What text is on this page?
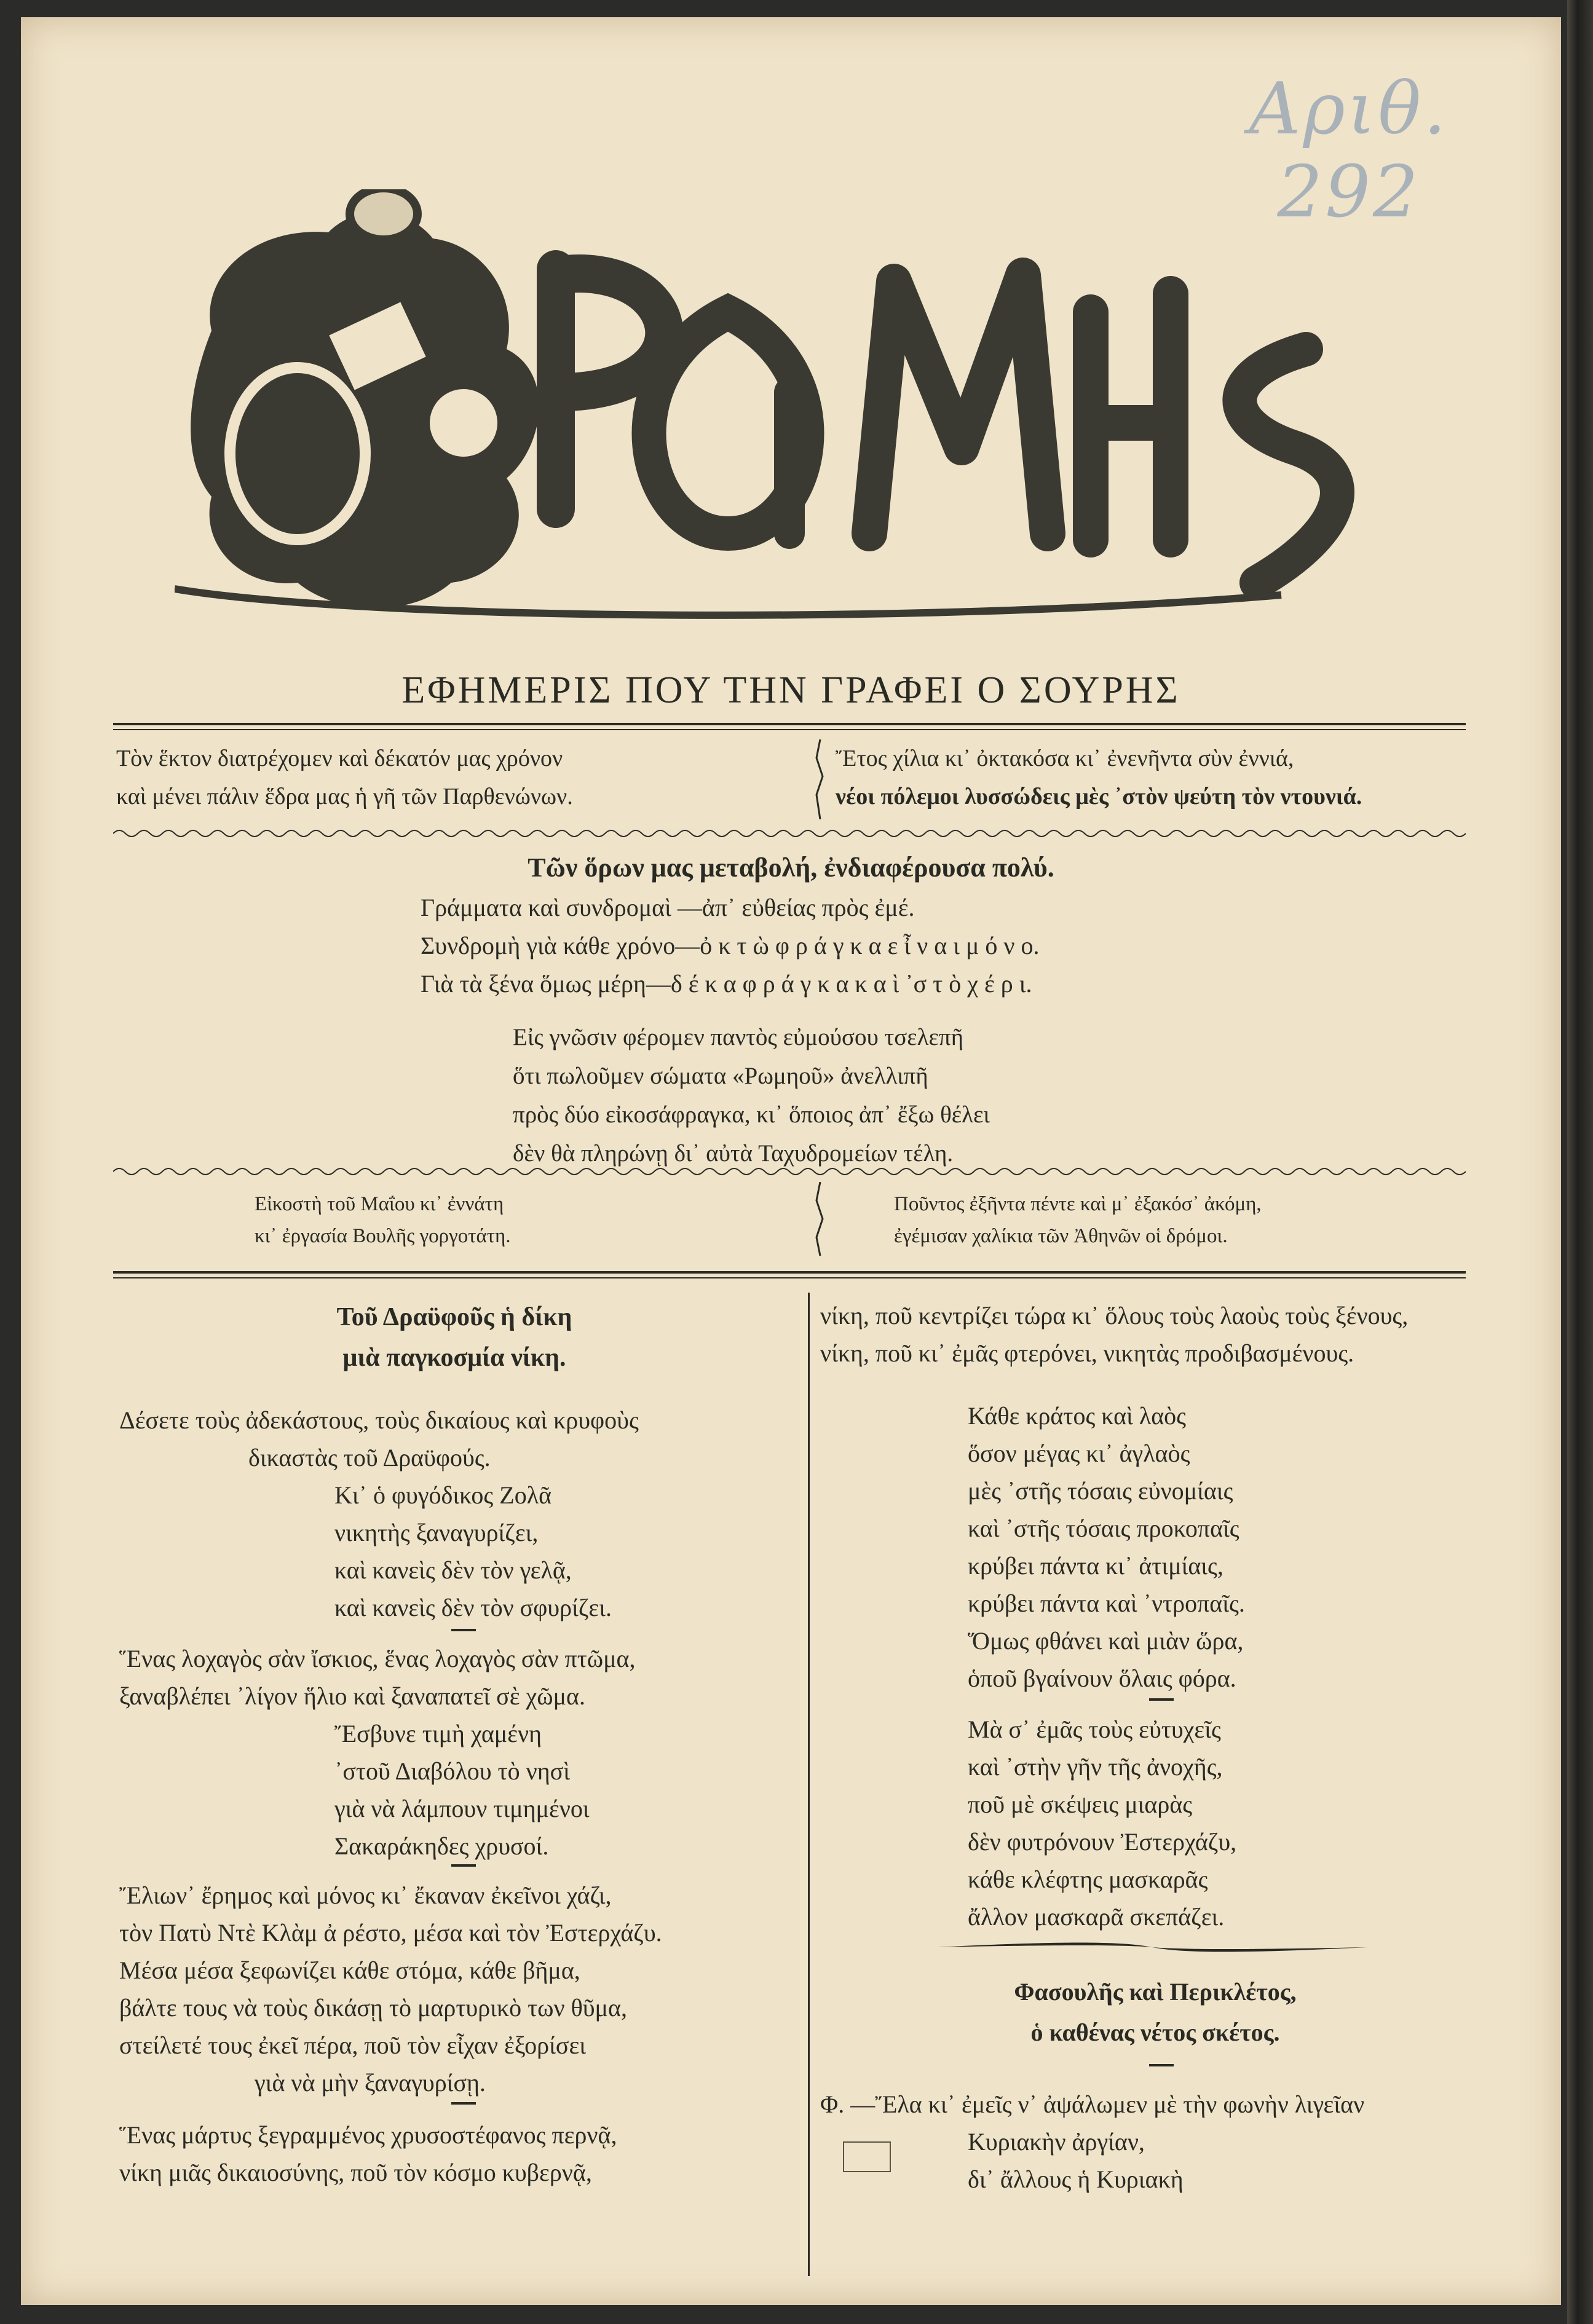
Αριθ. 292
ΕΦΗΜΕΡΙΣ ΠΟΥ ΤΗΝ ΓΡΑΦΕΙ Ο ΣΟΥΡΗΣ
Τὸν ἕκτον διατρέχομεν καὶ δέκατόν μας χρόνον
καὶ μένει πάλιν ἕδρα μας ἡ γῆ τῶν Παρθενώνων.
Ἔτος χίλια κι᾽ ὀκτακόσα κι᾽ ἐνενῆντα σὺν ἐννιά,
νέοι πόλεμοι λυσσώδεις μὲς ᾿στὸν ψεύτη τὸν ντουνιά.
Τῶν ὅρων μας μεταβολή, ἐνδιαφέρουσα πολύ.
Γράμματα καὶ συνδρομαὶ —ἀπ᾽ εὐθείας πρὸς ἐμέ.
Συνδρομὴ γιὰ κάθε χρόνο—ὀ κ τ ὼ φ ρ ά γ κ α ε ἶ ν α ι μ ό ν ο.
Γιὰ τὰ ξένα ὅμως μέρη—δ έ κ α φ ρ ά γ κ α κ α ὶ ᾿σ τ ὸ χ έ ρ ι.
Εἰς γνῶσιν φέρομεν παντὸς εὐμούσου τσελεπῆ
ὅτι πωλοῦμεν σώματα «Ρωμηοῦ» ἀνελλιπῆ
πρὸς δύο εἰκοσάφραγκα, κι᾽ ὅποιος ἀπ᾽ ἔξω θέλει
δὲν θὰ πληρώνῃ δι᾽ αὐτὰ Ταχυδρομείων τέλη.
Εἰκοστὴ τοῦ Μαΐου κι᾽ ἐννάτη
κι᾽ ἐργασία Βουλῆς γοργοτάτη.
Ποῦντος ἐξῆντα πέντε καὶ μ᾽ ἐξακόσ᾽ ἀκόμη,
ἐγέμισαν χαλίκια τῶν Ἀθηνῶν οἱ δρόμοι.
Τοῦ Δραϋφοῦς ἡ δίκη
μιὰ παγκοσμία νίκη.
Δέσετε τοὺς ἀδεκάστους, τοὺς δικαίους καὶ κρυφοὺς
δικαστὰς τοῦ Δραϋφούς.
Κι᾽ ὁ φυγόδικος Ζολᾶ
νικητὴς ξαναγυρίζει,
καὶ κανεὶς δὲν τὸν γελᾷ,
καὶ κανεὶς δὲν τὸν σφυρίζει.
Ἕνας λοχαγὸς σὰν ἴσκιος, ἕνας λοχαγὸς σὰν πτῶμα,
ξαναβλέπει ᾿λίγον ἥλιο καὶ ξαναπατεῖ σὲ χῶμα.
Ἔσβυνε τιμὴ χαμένη
᾿στοῦ Διαβόλου τὸ νησὶ
γιὰ νὰ λάμπουν τιμημένοι
Σακαράκηδες χρυσοί.
Ἔλιων᾽ ἔρημος καὶ μόνος κι᾽ ἔκαναν ἐκεῖνοι χάζι,
τὸν Πατὺ Ντὲ Κλὰμ ἀ ρέστο, μέσα καὶ τὸν Ἐστερχάζυ.
Μέσα μέσα ξεφωνίζει κάθε στόμα, κάθε βῆμα,
βάλτε τους νὰ τοὺς δικάσῃ τὸ μαρτυρικὸ των θῦμα,
στείλετέ τους ἐκεῖ πέρα, ποῦ τὸν εἶχαν ἐξορίσει
γιὰ νὰ μὴν ξαναγυρίσῃ.
Ἕνας μάρτυς ξεγραμμένος χρυσοστέφανος περνᾷ,
νίκη μιᾶς δικαιοσύνης, ποῦ τὸν κόσμο κυβερνᾷ,
νίκη, ποῦ κεντρίζει τώρα κι᾽ ὅλους τοὺς λαοὺς τοὺς ξένους,
νίκη, ποῦ κι᾽ ἐμᾶς φτερόνει, νικητὰς προδιβασμένους.
Κάθε κράτος καὶ λαὸς
ὅσον μέγας κι᾽ ἀγλαὸς
μὲς ᾿στῆς τόσαις εὐνομίαις
καὶ ᾿στῆς τόσαις προκοπαῖς
κρύβει πάντα κι᾽ ἀτιμίαις,
κρύβει πάντα καὶ ᾿ντροπαῖς.
Ὅμως φθάνει καὶ μιὰν ὥρα,
ὁποῦ βγαίνουν ὅλαις φόρα.
Μὰ σ᾽ ἐμᾶς τοὺς εὐτυχεῖς
καὶ ᾿στὴν γῆν τῆς ἀνοχῆς,
ποῦ μὲ σκέψεις μιαρὰς
δὲν φυτρόνουν Ἐστερχάζυ,
κάθε κλέφτης μασκαρᾶς
ἄλλον μασκαρᾶ σκεπάζει.
Φασουλῆς καὶ Περικλέτος,
ὁ καθένας νέτος σκέτος.
Φ. —Ἔλα κι᾽ ἐμεῖς ν᾽ ἀψάλωμεν μὲ τὴν φωνὴν λιγεῖαν
Κυριακὴν ἀργίαν,
δι᾽ ἄλλους ἡ Κυριακὴ
